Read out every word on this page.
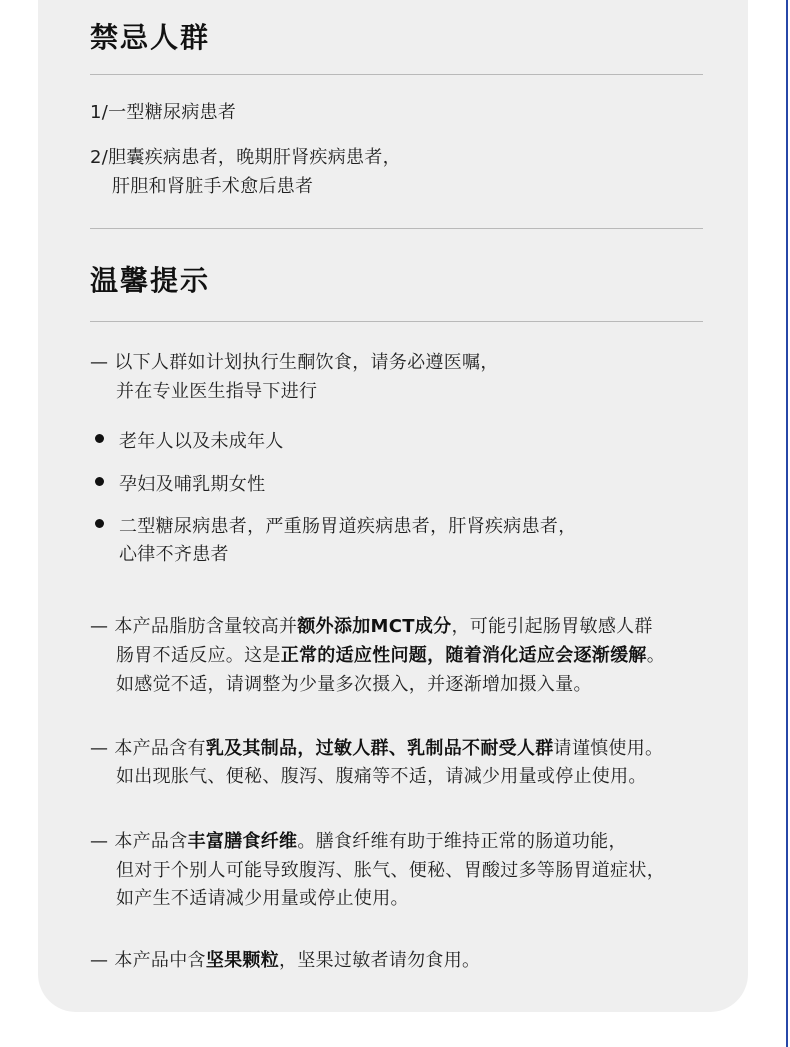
禁忌人群
1/一型糖尿病患者
2/胆囊疾病患者，晚期肝肾疾病患者，
肝胆和肾脏手术愈后患者
温馨提示
— 以下人群如计划执行生酮饮食，请务必遵医嘱，
并在专业医生指导下进行
老年人以及未成年人
孕妇及哺乳期女性
二型糖尿病患者，严重肠胃道疾病患者，肝肾疾病患者，
心律不齐患者
— 本产品脂肪含量较高并额外添加MCT成分，可能引起肠胃敏感人群
肠胃不适反应。这是正常的适应性问题，随着消化适应会逐渐缓解。
如感觉不适，请调整为少量多次摄入，并逐渐增加摄入量。
— 本产品含有乳及其制品，过敏人群、乳制品不耐受人群请谨慎使用。
如出现胀气、便秘、腹泻、腹痛等不适，请减少用量或停止使用。
— 本产品含丰富膳食纤维。膳食纤维有助于维持正常的肠道功能，
但对于个别人可能导致腹泻、胀气、便秘、胃酸过多等肠胃道症状，
如产生不适请减少用量或停止使用。
— 本产品中含坚果颗粒，坚果过敏者请勿食用。
